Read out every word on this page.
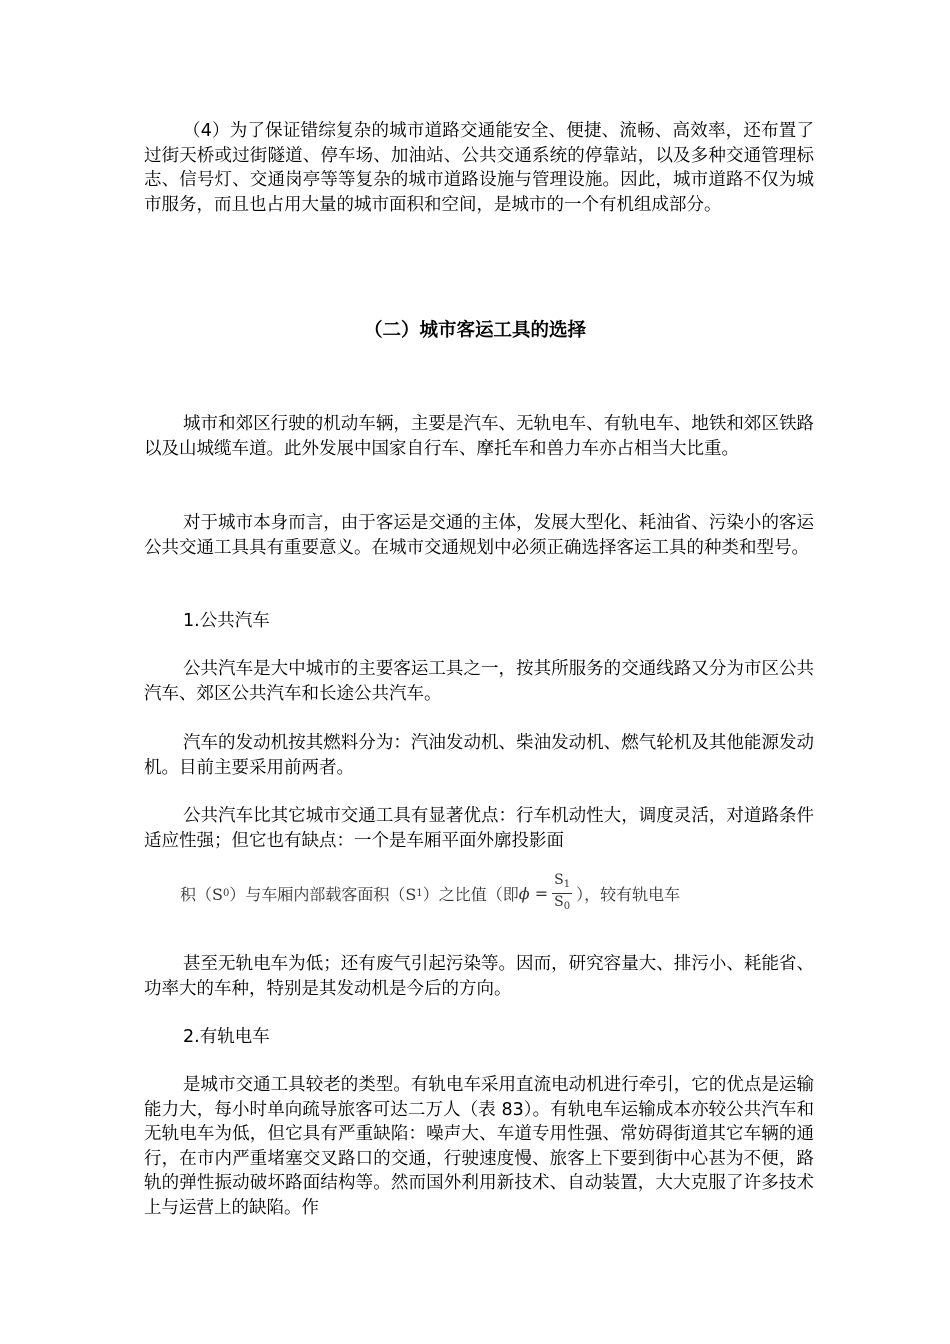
（4）为了保证错综复杂的城市道路交通能安全、便捷、流畅、高效率，还布置了过街天桥或过街隧道、停车场、加油站、公共交通系统的停靠站，以及多种交通管理标志、信号灯、交通岗亭等等复杂的城市道路设施与管理设施。因此，城市道路不仅为城市服务，而且也占用大量的城市面积和空间，是城市的一个有机组成部分。

（二）城市客运工具的选择

城市和郊区行驶的机动车辆，主要是汽车、无轨电车、有轨电车、地铁和郊区铁路以及山城缆车道。此外发展中国家自行车、摩托车和兽力车亦占相当大比重。

对于城市本身而言，由于客运是交通的主体，发展大型化、耗油省、污染小的客运公共交通工具具有重要意义。在城市交通规划中必须正确选择客运工具的种类和型号。

1.公共汽车

公共汽车是大中城市的主要客运工具之一，按其所服务的交通线路又分为市区公共汽车、郊区公共汽车和长途公共汽车。

汽车的发动机按其燃料分为：汽油发动机、柴油发动机、燃气轮机及其他能源发动机。目前主要采用前两者。

公共汽车比其它城市交通工具有显著优点：行车机动性大，调度灵活，对道路条件适应性强；但它也有缺点：一个是车厢平面外廓投影面

积（S 0 ）与车厢内部载客面积（S 1 ）之比值（即 $\phi = \frac{S_1}{S_0}$ ），较有轨电车

甚至无轨电车为低；还有废气引起污染等。因而，研究容量大、排污小、耗能省、功率大的车种，特别是其发动机是今后的方向。

2.有轨电车

是城市交通工具较老的类型。有轨电车采用直流电动机进行牵引，它的优点是运输能力大，每小时单向疏导旅客可达二万人（表 83）。有轨电车运输成本亦较公共汽车和无轨电车为低，但它具有严重缺陷：噪声大、车道专用性强、常妨碍街道其它车辆的通行，在市内严重堵塞交叉路口的交通，行驶速度慢、旅客上下要到街中心甚为不便，路轨的弹性振动破坏路面结构等。然而国外利用新技术、自动装置，大大克服了许多技术上与运营上的缺陷。作
